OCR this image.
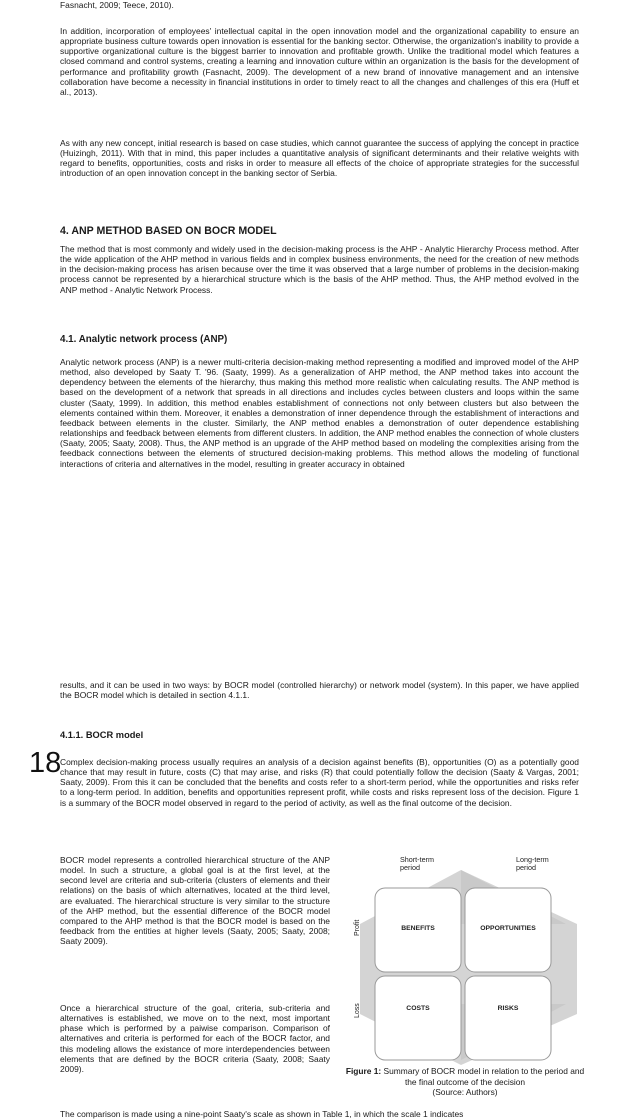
Fasnacht, 2009; Teece, 2010).

In addition, incorporation of employees' intellectual capital in the open innovation model and the organizational capability to ensure an appropriate business culture towards open innovation is essential for the banking sector. Otherwise, the organization's inability to provide a supportive organizational culture is the biggest barrier to innovation and profitable growth. Unlike the traditional model which features a closed command and control systems, creating a learning and innovation culture within an organization is the basis for the development of performance and profitability growth (Fasnacht, 2009). The development of a new brand of innovative management and an intensive collaboration have become a necessity in financial institutions in order to timely react to all the changes and challenges of this era (Huff et al., 2013).

As with any new concept, initial research is based on case studies, which cannot guarantee the success of applying the concept in practice (Huizingh, 2011). With that in mind, this paper includes a quantitative analysis of significant determinants and their relative weights with regard to benefits, opportunities, costs and risks in order to measure all effects of the choice of appropriate strategies for the successful introduction of an open innovation concept in the banking sector of Serbia.

4. ANP METHOD BASED ON BOCR MODEL

The method that is most commonly and widely used in the decision-making process is the AHP - Analytic Hierarchy Process method. After the wide application of the AHP method in various fields and in complex business environments, the need for the creation of new methods in the decision-making process has arisen because over the time it was observed that a large number of problems in the decision-making process cannot be represented by a hierarchical structure which is the basis of the AHP method. Thus, the AHP method evolved in the ANP method - Analytic Network Process.

4.1. Analytic network process (ANP)

Analytic network process (ANP) is a newer multi-criteria decision-making method representing a modified and improved model of the AHP method, also developed by Saaty T. '96. (Saaty, 1999). As a generalization of AHP method, the ANP method takes into account the dependency between the elements of the hierarchy, thus making this method more realistic when calculating results. The ANP method is based on the development of a network that spreads in all directions and includes cycles between clusters and loops within the same cluster (Saaty, 1999). In addition, this method enables establishment of connections not only between clusters but also between the elements contained within them. Moreover, it enables a demonstration of inner dependence through the establishment of interactions and feedback between elements in the cluster. Similarly, the ANP method enables a demonstration of outer dependence establishing relationships and feedback between elements from different clusters. In addition, the ANP method enables the connection of whole clusters (Saaty, 2005; Saaty, 2008). Thus, the ANP method is an upgrade of the AHP method based on modeling the complexities arising from the feedback connections between the elements of structured decision-making problems. This method allows the modeling of functional interactions of criteria and alternatives in the model, resulting in greater accuracy in obtained

results, and it can be used in two ways: by BOCR model (controlled hierarchy) or network model (system). In this paper, we have applied the BOCR model which is detailed in section 4.1.1.

4.1.1. BOCR model
18

Complex decision-making process usually requires an analysis of a decision against benefits (B), opportunities (O) as a potentially good chance that may result in future, costs (C) that may arise, and risks (R) that could potentially follow the decision (Saaty & Vargas, 2001; Saaty, 2009). From this it can be concluded that the benefits and costs refer to a short-term period, while the opportunities and risks refer to a long-term period. In addition, benefits and opportunities represent profit, while costs and risks represent loss of the decision. Figure 1 is a summary of the BOCR model observed in regard to the period of activity, as well as the final outcome of the decision.

BOCR model represents a controlled hierarchical structure of the ANP model. In such a structure, a global goal is at the first level, at the second level are criteria and sub-criteria (clusters of elements and their relations) on the basis of which alternatives, located at the third level, are evaluated. The hierarchical structure is very similar to the structure of the AHP method, but the essential difference of the BOCR model compared to the AHP method is that the BOCR model is based on the feedback from the entities at higher levels (Saaty, 2005; Saaty, 2008; Saaty 2009).

Once a hierarchical structure of the goal, criteria, sub-criteria and alternatives is established, we move on to the next, most important phase which is performed by a paiwise comparison. Comparison of alternatives and criteria is performed for each of the BOCR factor, and this modeling allows the existance of more interdependencies between elements that are defined by the BOCR criteria (Saaty, 2008; Saaty 2009).

Short-term
period
Long-term
period
Profit
Loss
BENEFITS	OPPORTUNITIES
COSTS	RISKS
Figure 1: Summary of BOCR model in relation to the period and the final outcome of the decision
(Source: Authors)
The comparison is made using a nine-point Saaty's scale as shown in Table 1, in which the scale 1 indicates
